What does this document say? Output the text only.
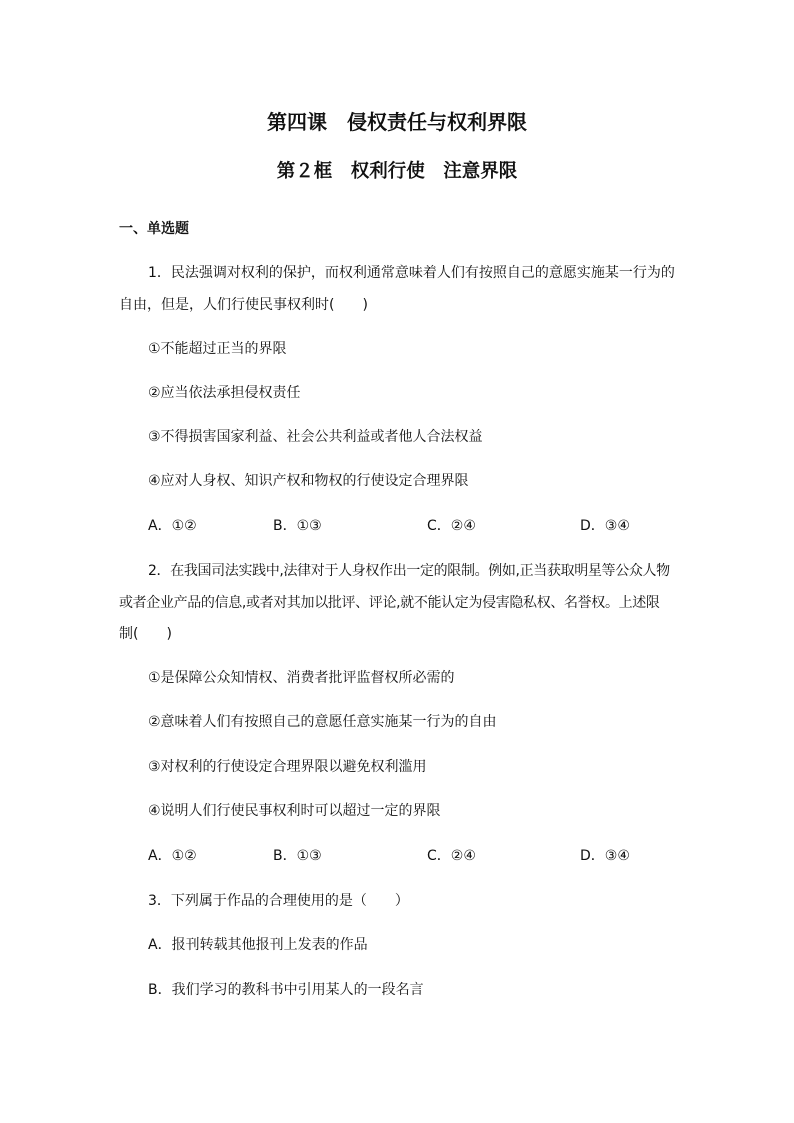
第四课　侵权责任与权利界限
第２框　权利行使　注意界限
一、单选题
1．民法强调对权利的保护，而权利通常意味着人们有按照自己的意愿实施某一行为的
自由，但是，人们行使民事权利时(　　)
①不能超过正当的界限
②应当依法承担侵权责任
③不得损害国家利益、社会公共利益或者他人合法权益
④应对人身权、知识产权和物权的行使设定合理界限
A．①②	B．①③	C．②④	D．③④
2．在我国司法实践中,法律对于人身权作出一定的限制。例如,正当获取明星等公众人物
或者企业产品的信息,或者对其加以批评、评论,就不能认定为侵害隐私权、名誉权。上述限
制(　　)
①是保障公众知情权、消费者批评监督权所必需的
②意味着人们有按照自己的意愿任意实施某一行为的自由
③对权利的行使设定合理界限以避免权利滥用
④说明人们行使民事权利时可以超过一定的界限
A．①②	B．①③	C．②④	D．③④
3．下列属于作品的合理使用的是（　　）
A．报刊转载其他报刊上发表的作品
B．我们学习的教科书中引用某人的一段名言
